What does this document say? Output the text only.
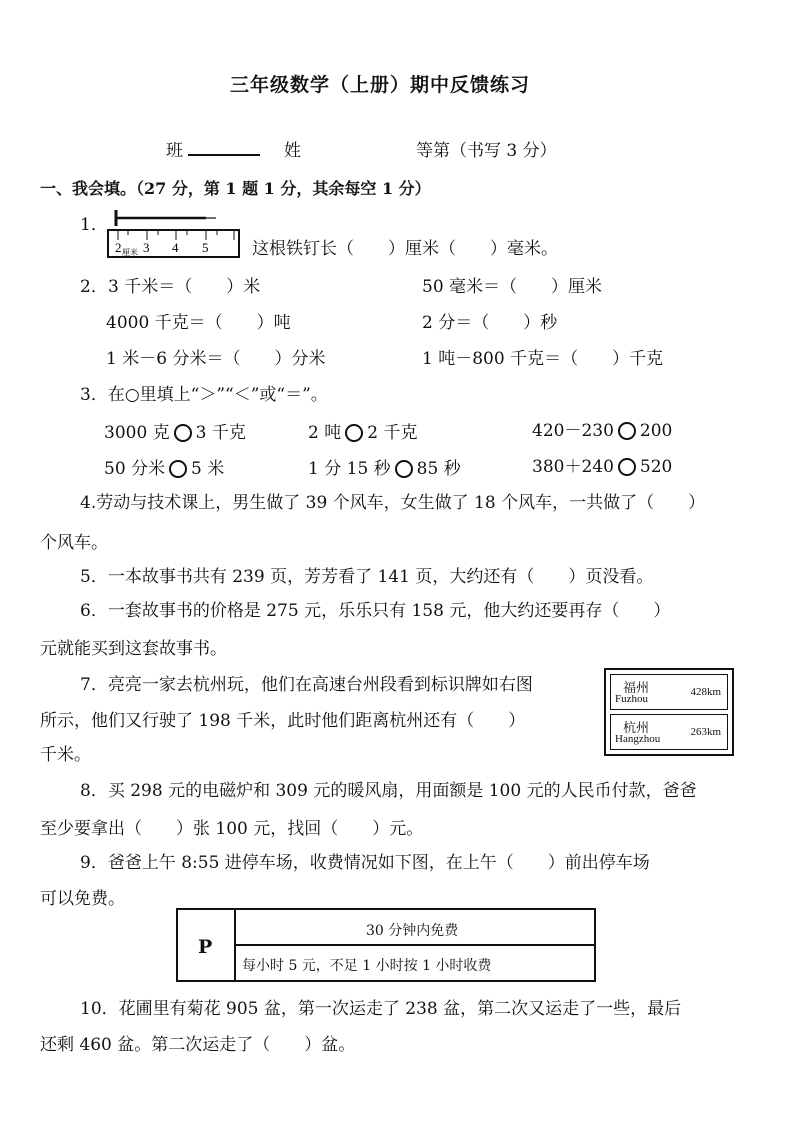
三年级数学（上册）期中反馈练习
班	姓	等第（书写 3 分）
一、我会填。（27 分，第 1 题 1 分，其余每空 1 分）
1．
2 3 4 5
厘米	这根铁钉长（　　）厘米（　　）毫米。
2． 3 千米＝（　　）米	50 毫米＝（　　）厘米
4000 千克＝（　　）吨	2 分＝（　　）秒
1 米－6 分米＝（　　）分米	1 吨－800 千克＝（　　）千克
3．在○里填上“＞”“＜”或“＝”。
3000 克 3 千克	2 吨 2 千克	420－230 200
50 分米 5 米	1 分 15 秒 85 秒	380＋240 520
4.劳动与技术课上，男生做了 39 个风车，女生做了 18 个风车，一共做了（　　）
个风车。
5．一本故事书共有 239 页，芳芳看了 141 页，大约还有（　　）页没看。
6．一套故事书的价格是 275 元，乐乐只有 158 元，他大约还要再存（　　）
元就能买到这套故事书。
7．亮亮一家去杭州玩，他们在高速台州段看到标识牌如右图
所示，他们又行驶了 198 千米，此时他们距离杭州还有（　　）
千米。
福州
Fuzhou
428km
杭州
Hangzhou
263km
8．买 298 元的电磁炉和 309 元的暖风扇，用面额是 100 元的人民币付款，爸爸
至少要拿出（　　）张 100 元，找回（　　）元。
9．爸爸上午 8:55 进停车场，收费情况如下图，在上午（　　）前出停车场
可以免费。
P
30 分钟内免费
每小时 5 元，不足 1 小时按 1 小时收费
10．花圃里有菊花 905 盆，第一次运走了 238 盆，第二次又运走了一些，最后
还剩 460 盆。第二次运走了（　　）盆。
